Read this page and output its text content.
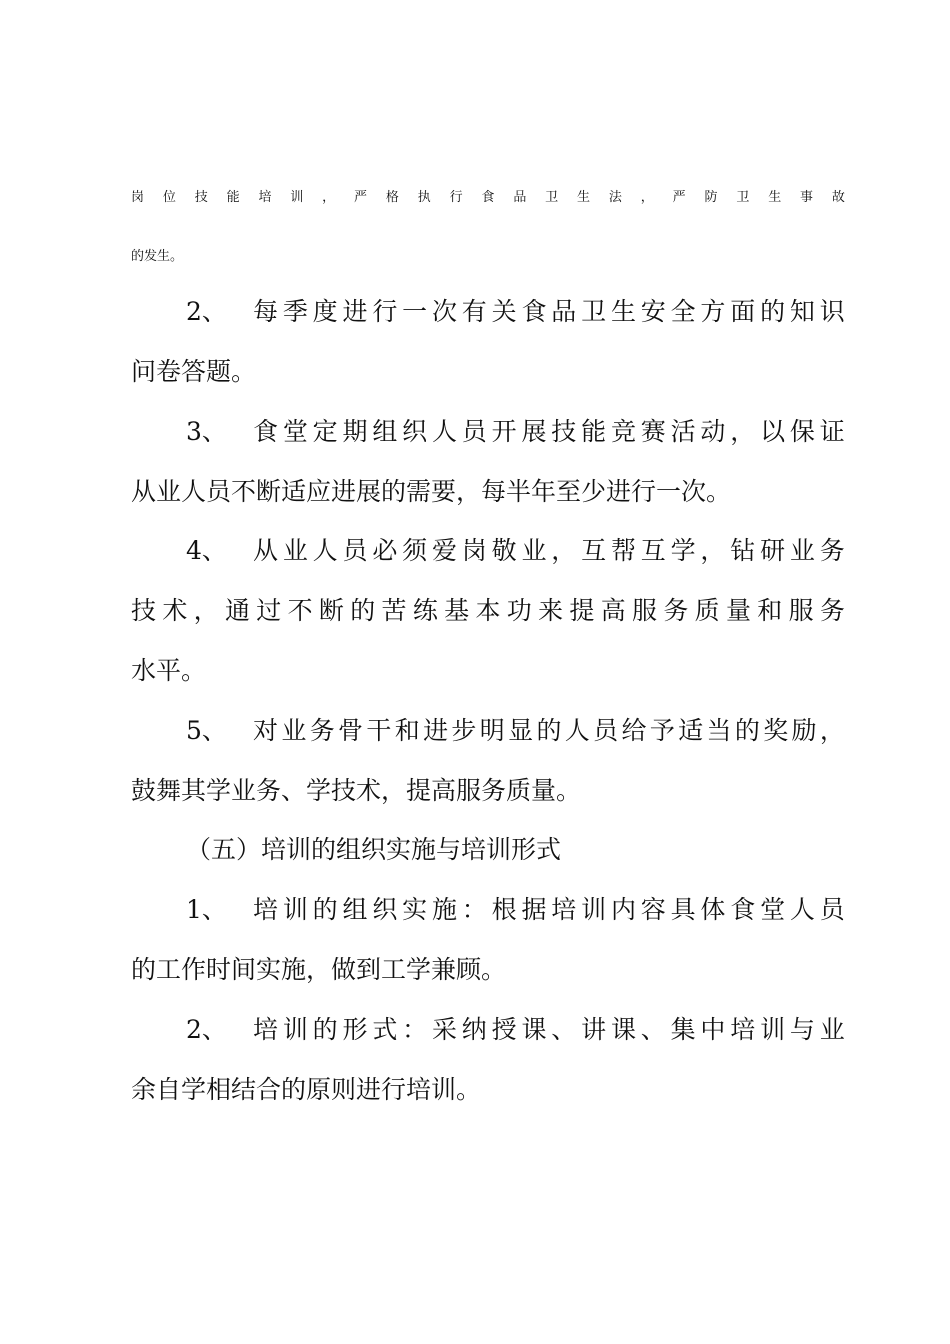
岗 位 技 能 培 训 ， 严 格 执 行 食 品 卫 生 法 ， 严 防 卫 生 事 故

的发生。

2、 每 季 度 进 行 一 次 有 关 食 品 卫 生 安 全 方 面 的 知 识

问卷答题。

3、 食 堂 定 期 组 织 人 员 开 展 技 能 竞 赛 活 动 ， 以 保 证

从业人员不断适应进展的需要，每半年至少进行一次。

4、 从 业 人 员 必 须 爱 岗 敬 业 ， 互 帮 互 学 ， 钻 研 业 务

技 术 ， 通 过 不 断 的 苦 练 基 本 功 来 提 高 服 务 质 量 和 服 务

水平。

5、 对 业 务 骨 干 和 进 步 明 显 的 人 员 给 予 适 当 的 奖 励 ，

鼓舞其学业务、学技术，提高服务质量。

（五）培训的组织实施与培训形式

1、 培 训 的 组 织 实 施 ： 根 据 培 训 内 容 具 体 食 堂 人 员

的工作时间实施，做到工学兼顾。

2、 培 训 的 形 式 ： 采 纳 授 课 、 讲 课 、 集 中 培 训 与 业

余自学相结合的原则进行培训。
